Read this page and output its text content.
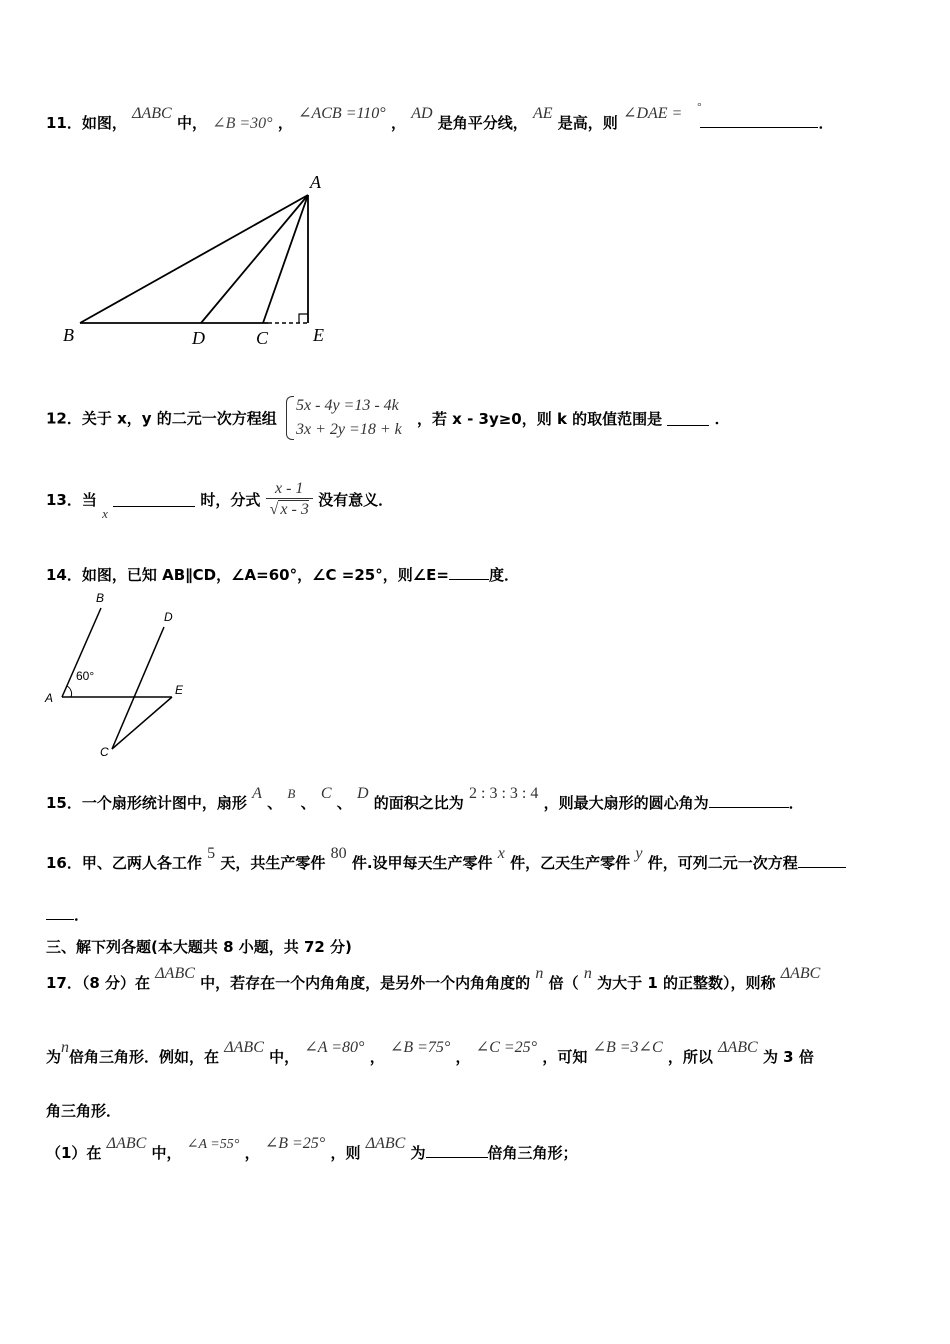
11．如图， ΔABC 中， ∠B =30° ， ∠ACB =110° ， AD 是角平分线， AE 是高，则 ∠DAE = ° ．
A
B	D	C E
12．关于 x，y 的二元一次方程组
5x - 4y =13 - 4k
3x + 2y =18 + k
，若 x - 3y≥0，则 k 的取值范围是	．
13．当 x  时，分式 $\frac{x - 1}{√ x - 3}$ 没有意义．
14．如图，已知 AB∥CD，∠A=60°，∠C =25°，则∠E=	度．
60°
B
D
A
E
C
15．一个扇形统计图中，扇形 A 、 B 、 C 、 D 的面积之比为 2 : 3 : 3 : 4 ，则最大扇形的圆心角为	．
16．甲、乙两人各工作 5 天，共生产零件 80 件.设甲每天生产零件 x 件，乙天生产零件 y 件，可列二元一次方程
．
三、解下列各题(本大题共 8 小题，共 72 分)
17．（8 分）在 ΔABC 中，若存在一个内角角度，是另外一个内角角度的 n 倍（ n 为大于 1 的正整数），则称 ΔABC
为n倍角三角形．例如，在 ΔABC 中， ∠A =80° ， ∠B =75° ， ∠C =25° ，可知 ∠B =3∠C ，所以 ΔABC 为 3 倍
角三角形．
（1）在 ΔABC 中， ∠A =55° ， ∠B =25° ，则 ΔABC 为	倍角三角形；
